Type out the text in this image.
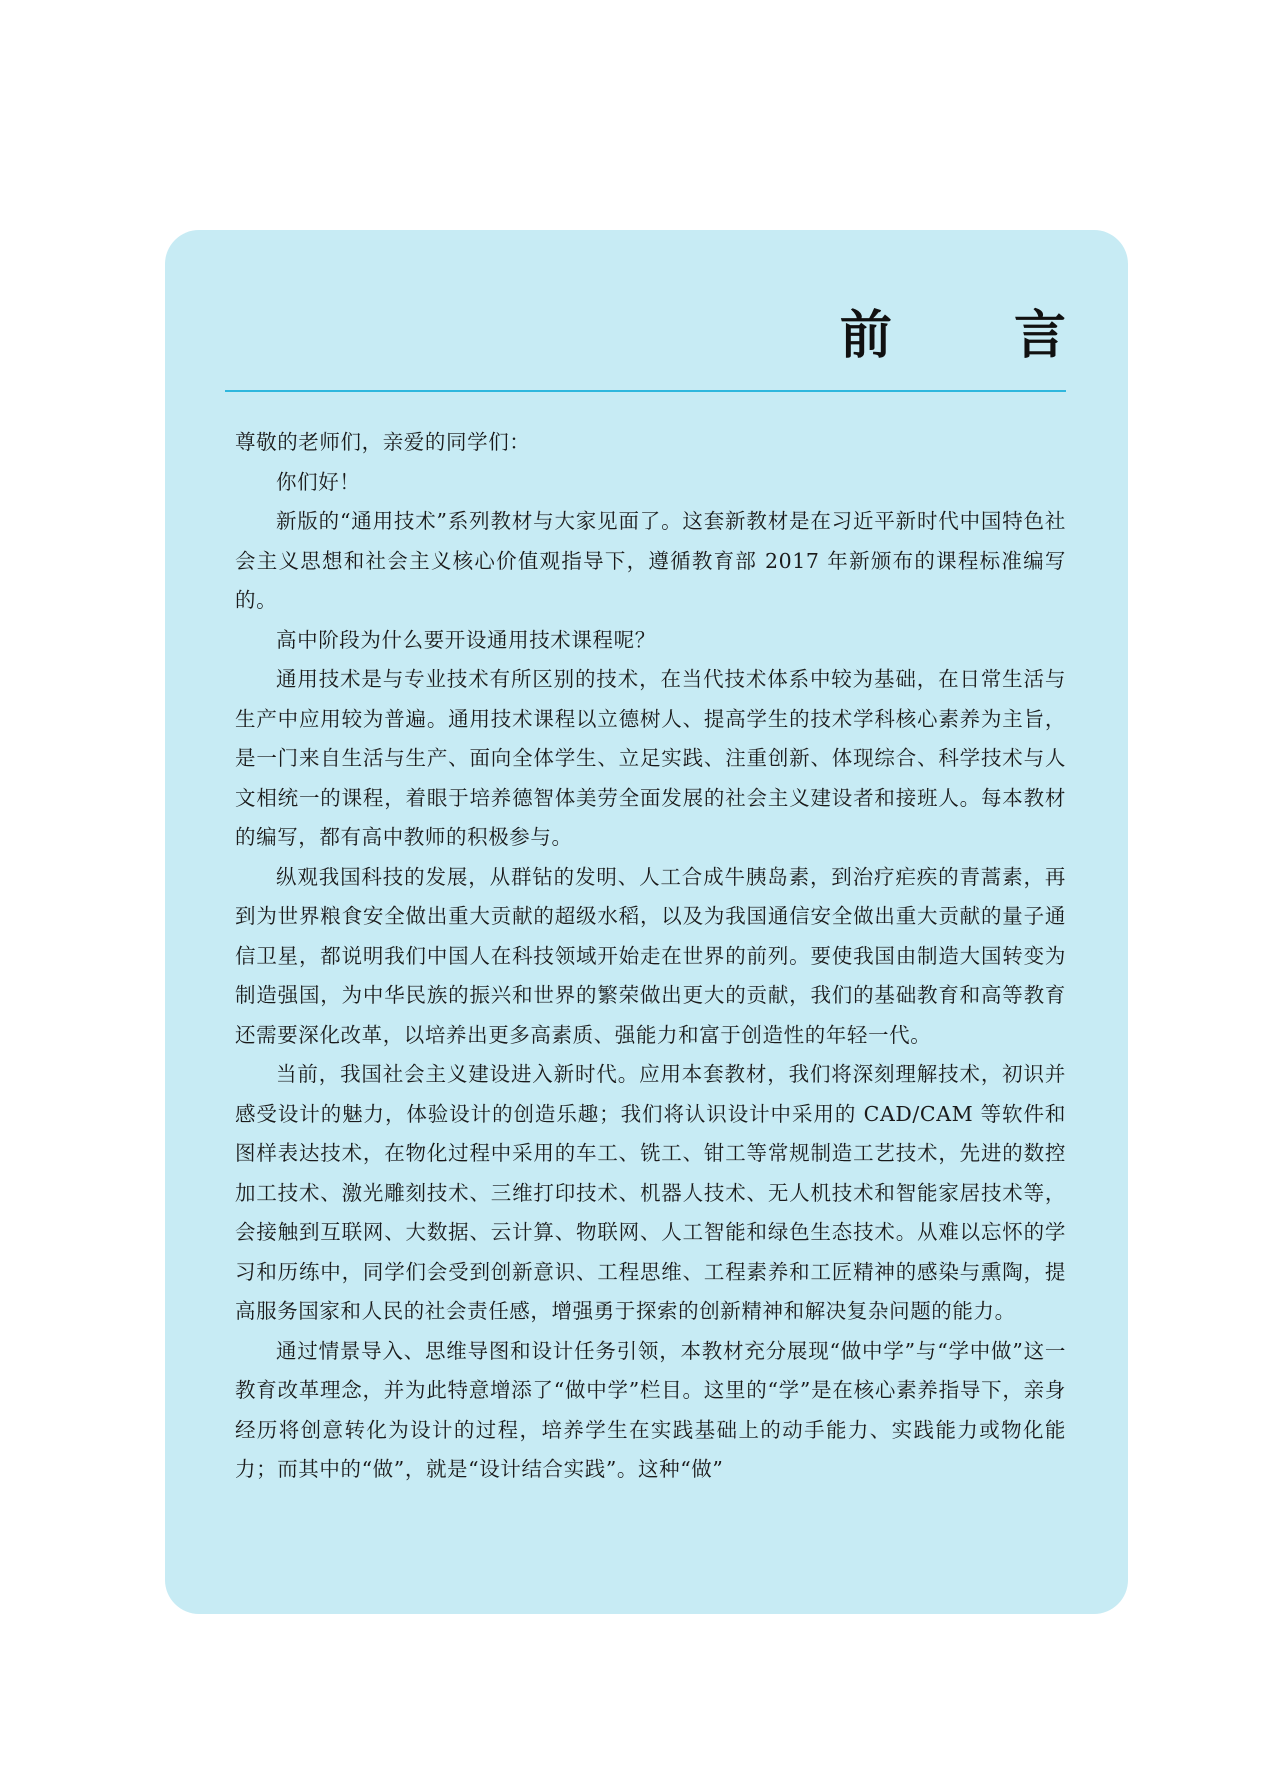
前 言

尊敬的老师们，亲爱的同学们：

你们好！

新版的“通用技术”系列教材与大家见面了。这套新教材是在习近平新时代中国特色社会主义思想和社会主义核心价值观指导下，遵循教育部 2017 年新颁布的课程标准编写的。

高中阶段为什么要开设通用技术课程呢？

通用技术是与专业技术有所区别的技术，在当代技术体系中较为基础，在日常生活与生产中应用较为普遍。通用技术课程以立德树人、提高学生的技术学科核心素养为主旨，是一门来自生活与生产、面向全体学生、立足实践、注重创新、体现综合、科学技术与人文相统一的课程，着眼于培养德智体美劳全面发展的社会主义建设者和接班人。每本教材的编写，都有高中教师的积极参与。

纵观我国科技的发展，从群钻的发明、人工合成牛胰岛素，到治疗疟疾的青蒿素，再到为世界粮食安全做出重大贡献的超级水稻，以及为我国通信安全做出重大贡献的量子通信卫星，都说明我们中国人在科技领域开始走在世界的前列。要使我国由制造大国转变为制造强国，为中华民族的振兴和世界的繁荣做出更大的贡献，我们的基础教育和高等教育还需要深化改革，以培养出更多高素质、强能力和富于创造性的年轻一代。

当前，我国社会主义建设进入新时代。应用本套教材，我们将深刻理解技术，初识并感受设计的魅力，体验设计的创造乐趣；我们将认识设计中采用的 CAD/CAM 等软件和图样表达技术，在物化过程中采用的车工、铣工、钳工等常规制造工艺技术，先进的数控加工技术、激光雕刻技术、三维打印技术、机器人技术、无人机技术和智能家居技术等，会接触到互联网、大数据、云计算、物联网、人工智能和绿色生态技术。从难以忘怀的学习和历练中，同学们会受到创新意识、工程思维、工程素养和工匠精神的感染与熏陶，提高服务国家和人民的社会责任感，增强勇于探索的创新精神和解决复杂问题的能力。

通过情景导入、思维导图和设计任务引领，本教材充分展现“做中学”与“学中做”这一教育改革理念，并为此特意增添了“做中学”栏目。这里的“学”是在核心素养指导下，亲身经历将创意转化为设计的过程，培养学生在实践基础上的动手能力、实践能力或物化能力；而其中的“做”，就是“设计结合实践”。这种“做”
